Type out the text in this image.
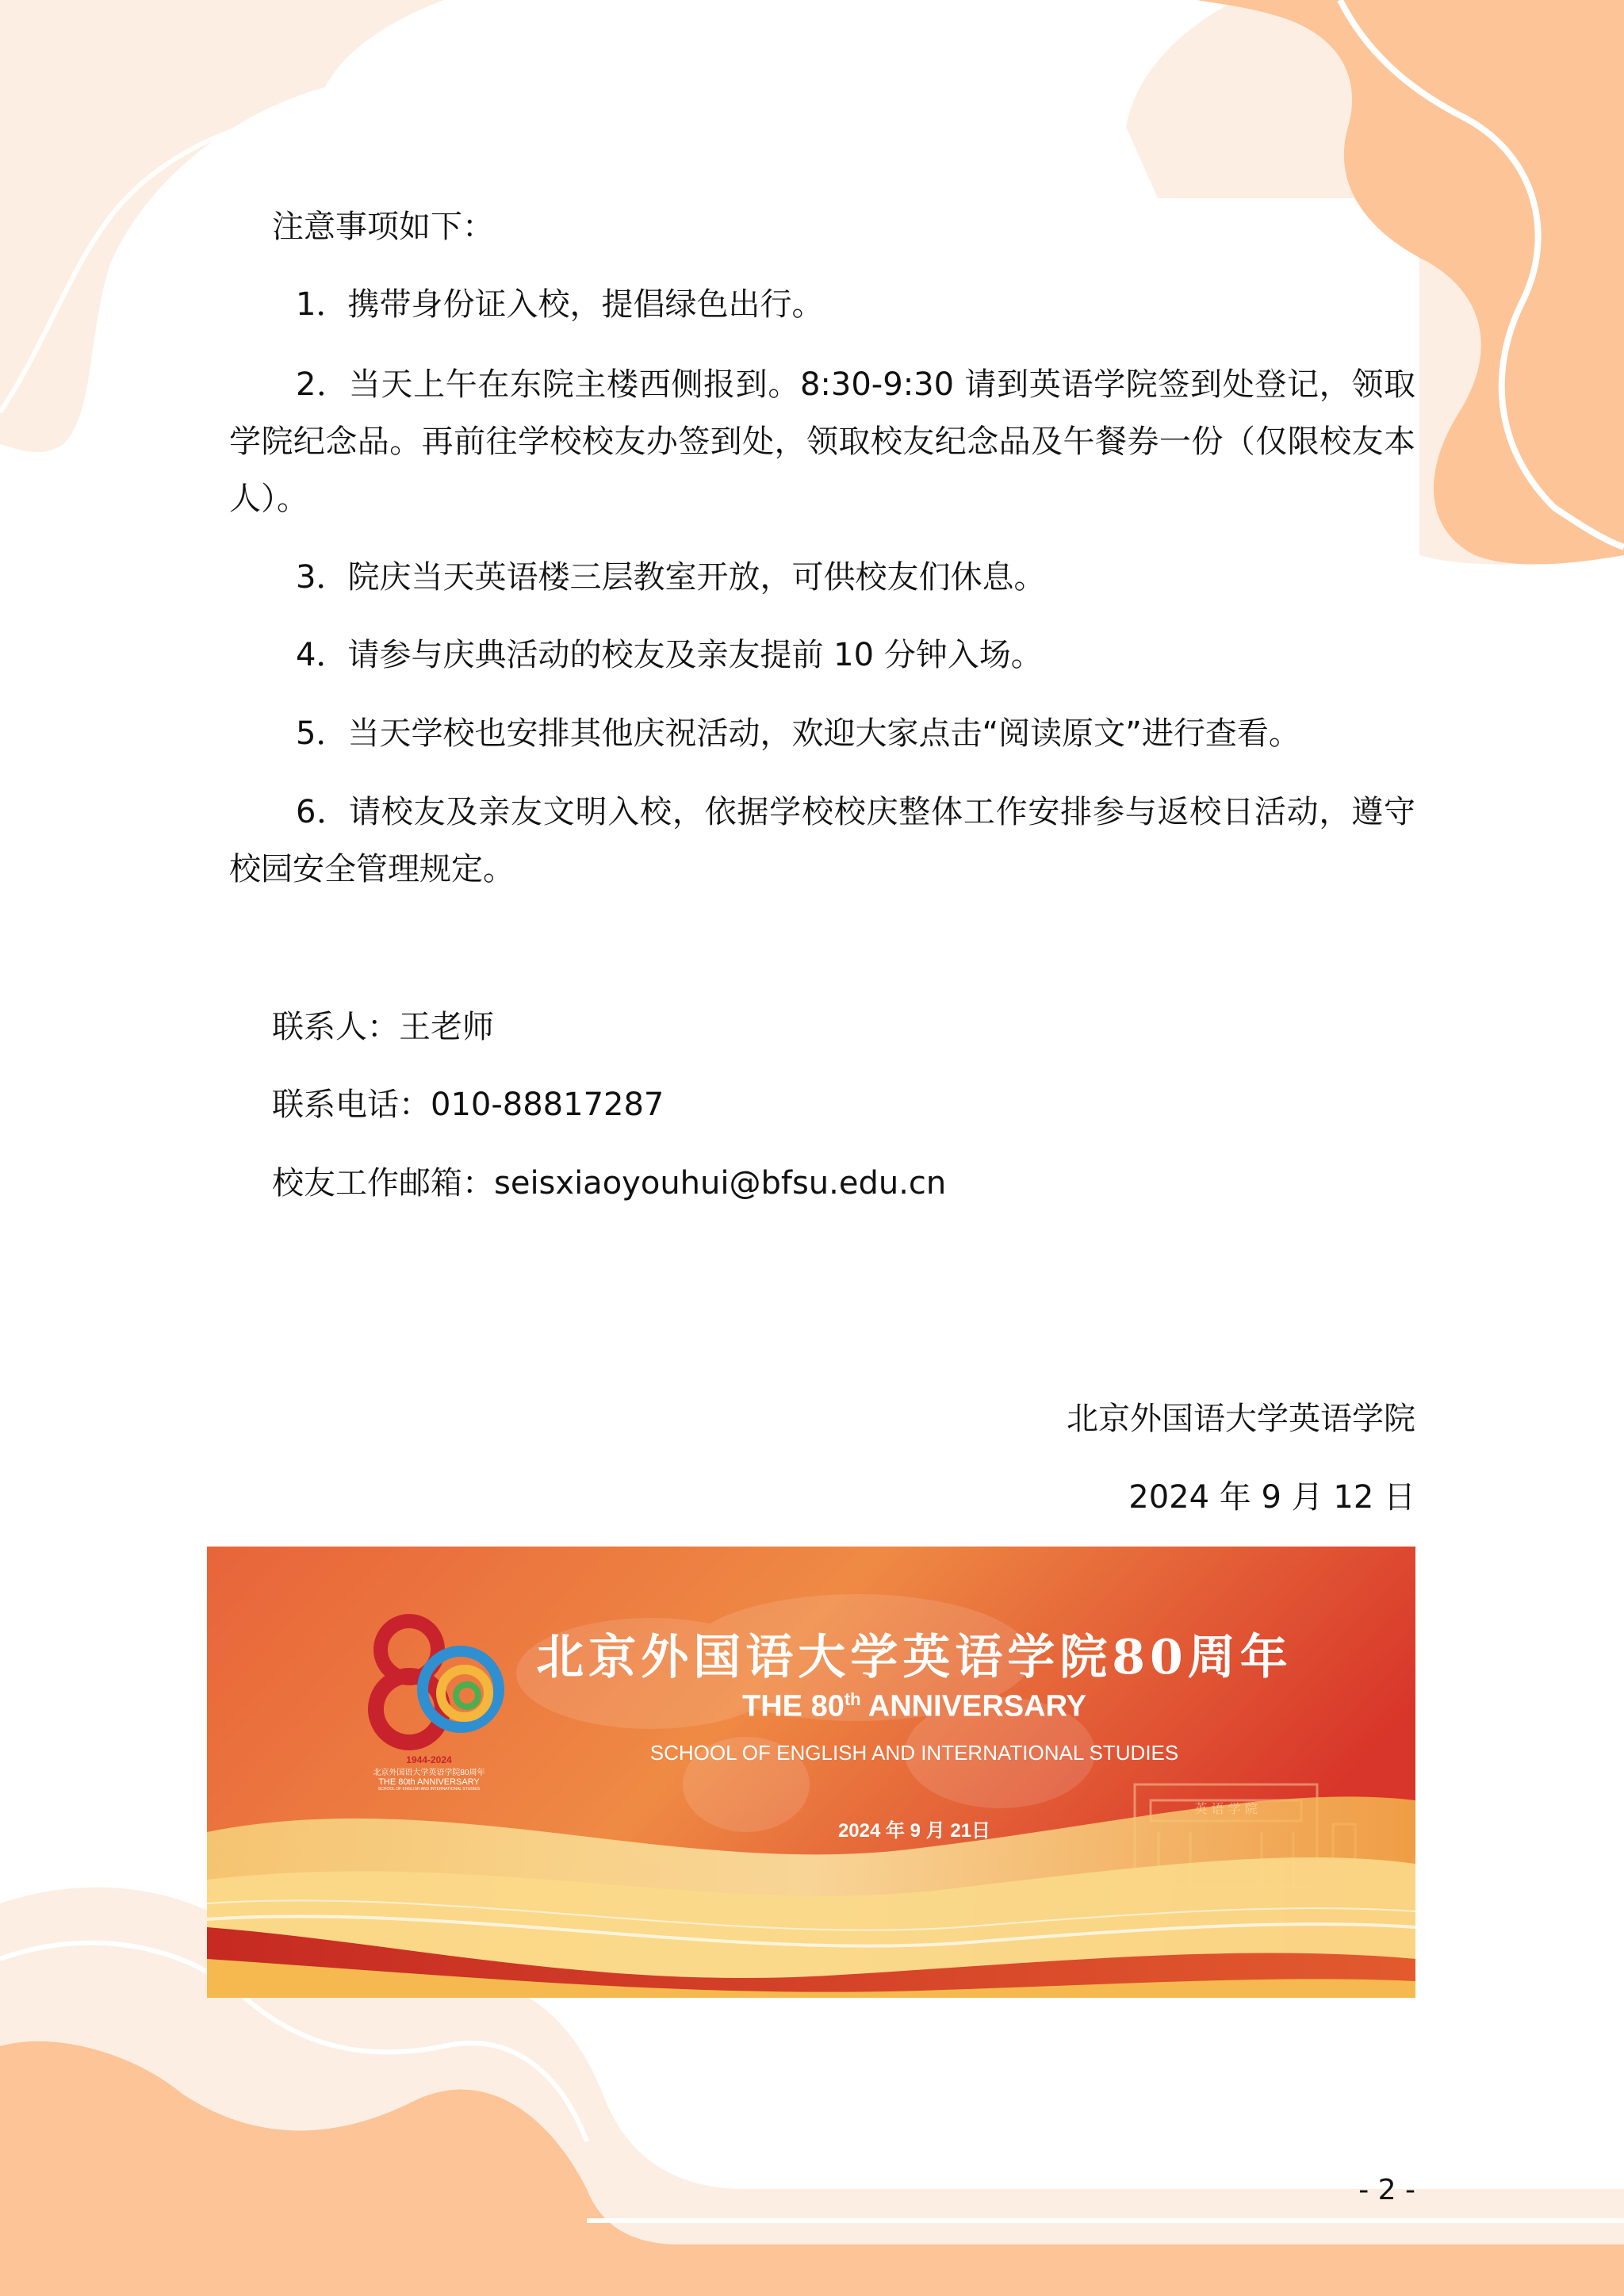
注意事项如下：
1．携带身份证入校，提倡绿色出行。
2．当天上午在东院主楼西侧报到。8:30-9:30 请到英语学院签到处登记，领取学院纪念品。再前往学校校友办签到处，领取校友纪念品及午餐券一份（仅限校友本人）。
3．院庆当天英语楼三层教室开放，可供校友们休息。
4．请参与庆典活动的校友及亲友提前 10 分钟入场。
5．当天学校也安排其他庆祝活动，欢迎大家点击“阅读原文”进行查看。
6．请校友及亲友文明入校，依据学校校庆整体工作安排参与返校日活动，遵守校园安全管理规定。
联系人：王老师
联系电话：010-88817287
校友工作邮箱：seisxiaoyouhui@bfsu.edu.cn
北京外国语大学英语学院
2024 年 9 月 12 日
北京外国语大学英语学院80周年
THE 80th ANNIVERSARY
SCHOOL OF ENGLISH AND INTERNATIONAL STUDIES
2024 年 9 月 21日
1944-2024
北京外国语大学英语学院80周年
THE 80th ANNIVERSARY
SCHOOL OF ENGLISH AND INTERNATIONAL STUDIES
英 语 学 院
- 2 -
